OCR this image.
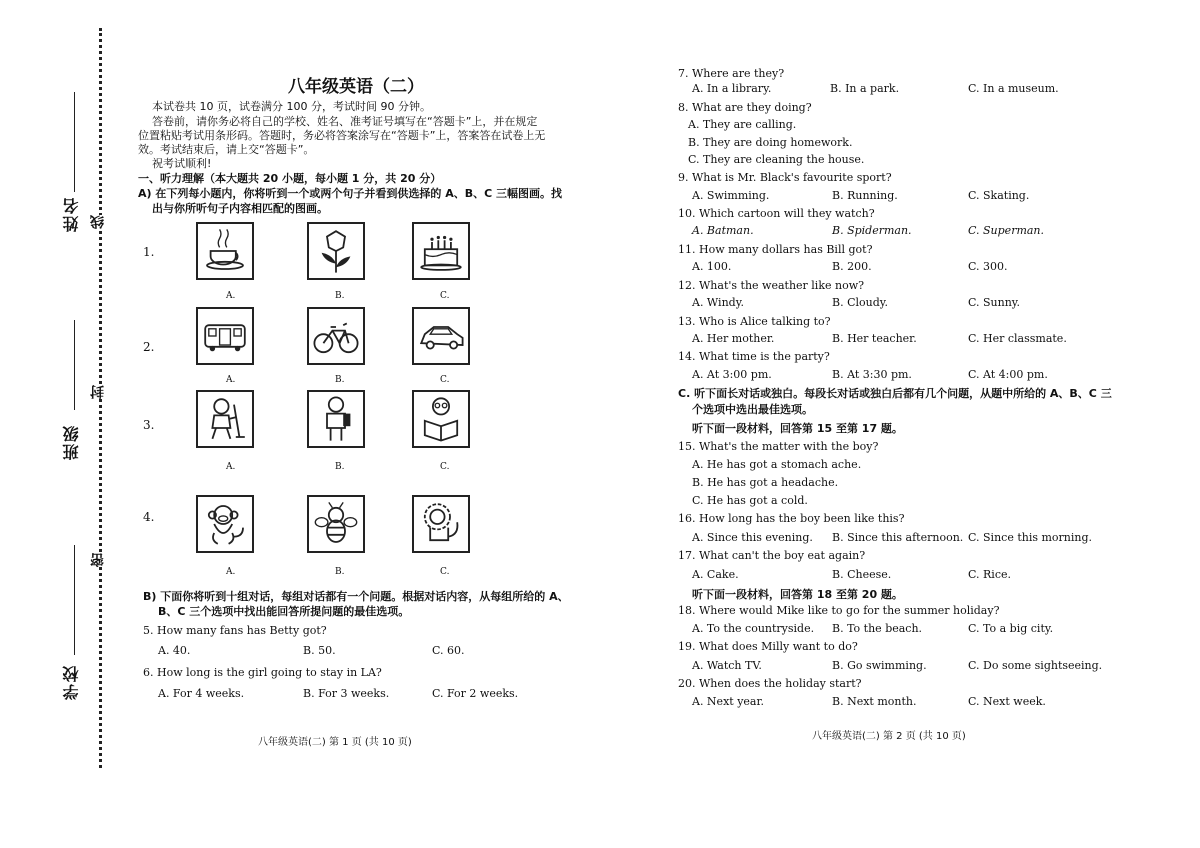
姓名
班级
学校
线
封
密
八年级英语（二）
本试卷共 10 页，试卷满分 100 分，考试时间 90 分钟。
答卷前，请你务必将自己的学校、姓名、准考证号填写在“答题卡”上，并在规定
位置粘贴考试用条形码。答题时，务必将答案涂写在“答题卡”上，答案答在试卷上无
效。考试结束后，请上交“答题卡”。
祝考试顺利!
一、听力理解（本大题共 20 小题，每小题 1 分，共 20 分）
A) 在下列每小题内，你将听到一个或两个句子并看到供选择的 A、B、C 三幅图画。找
出与你所听句子内容相匹配的图画。
1.
2.
3.
4.
A.	B.	C.
A.	B.	C.
A.	B.	C.
A.	B.	C.
B) 下面你将听到十组对话，每组对话都有一个问题。根据对话内容，从每组所给的 A、
B、C 三个选项中找出能回答所提问题的最佳选项。
5. How many fans has Betty got?
A. 40.	B. 50.	C. 60.
6. How long is the girl going to stay in LA?
A. For 4 weeks.	B. For 3 weeks.	C. For 2 weeks.
八年级英语(二) 第 1 页 (共 10 页)
7. Where are they?
A. In a library.	B. In a park.	C. In a museum.
8. What are they doing?
A. They are calling.
B. They are doing homework.
C. They are cleaning the house.
9. What is Mr. Black's favourite sport?
A. Swimming.	B. Running.	C. Skating.
10. Which cartoon will they watch?
A. Batman.	B. Spiderman.	C. Superman.
11. How many dollars has Bill got?
A. 100.	B. 200.	C. 300.
12. What's the weather like now?
A. Windy.	B. Cloudy.	C. Sunny.
13. Who is Alice talking to?
A. Her mother.	B. Her teacher.	C. Her classmate.
14. What time is the party?
A. At 3:00 pm.	B. At 3:30 pm.	C. At 4:00 pm.
C. 听下面长对话或独白。每段长对话或独白后都有几个问题，从题中所给的 A、B、C 三
个选项中选出最佳选项。
听下面一段材料，回答第 15 至第 17 题。
15. What's the matter with the boy?
A. He has got a stomach ache.
B. He has got a headache.
C. He has got a cold.
16. How long has the boy been like this?
A. Since this evening. B. Since this afternoon. C. Since this morning.
17. What can't the boy eat again?
A. Cake.	B. Cheese.	C. Rice.
听下面一段材料，回答第 18 至第 20 题。
18. Where would Mike like to go for the summer holiday?
A. To the countryside. B. To the beach.	C. To a big city.
19. What does Milly want to do?
A. Watch TV.	B. Go swimming.	C. Do some sightseeing.
20. When does the holiday start?
A. Next year.	B. Next month.	C. Next week.
八年级英语(二) 第 2 页 (共 10 页)
